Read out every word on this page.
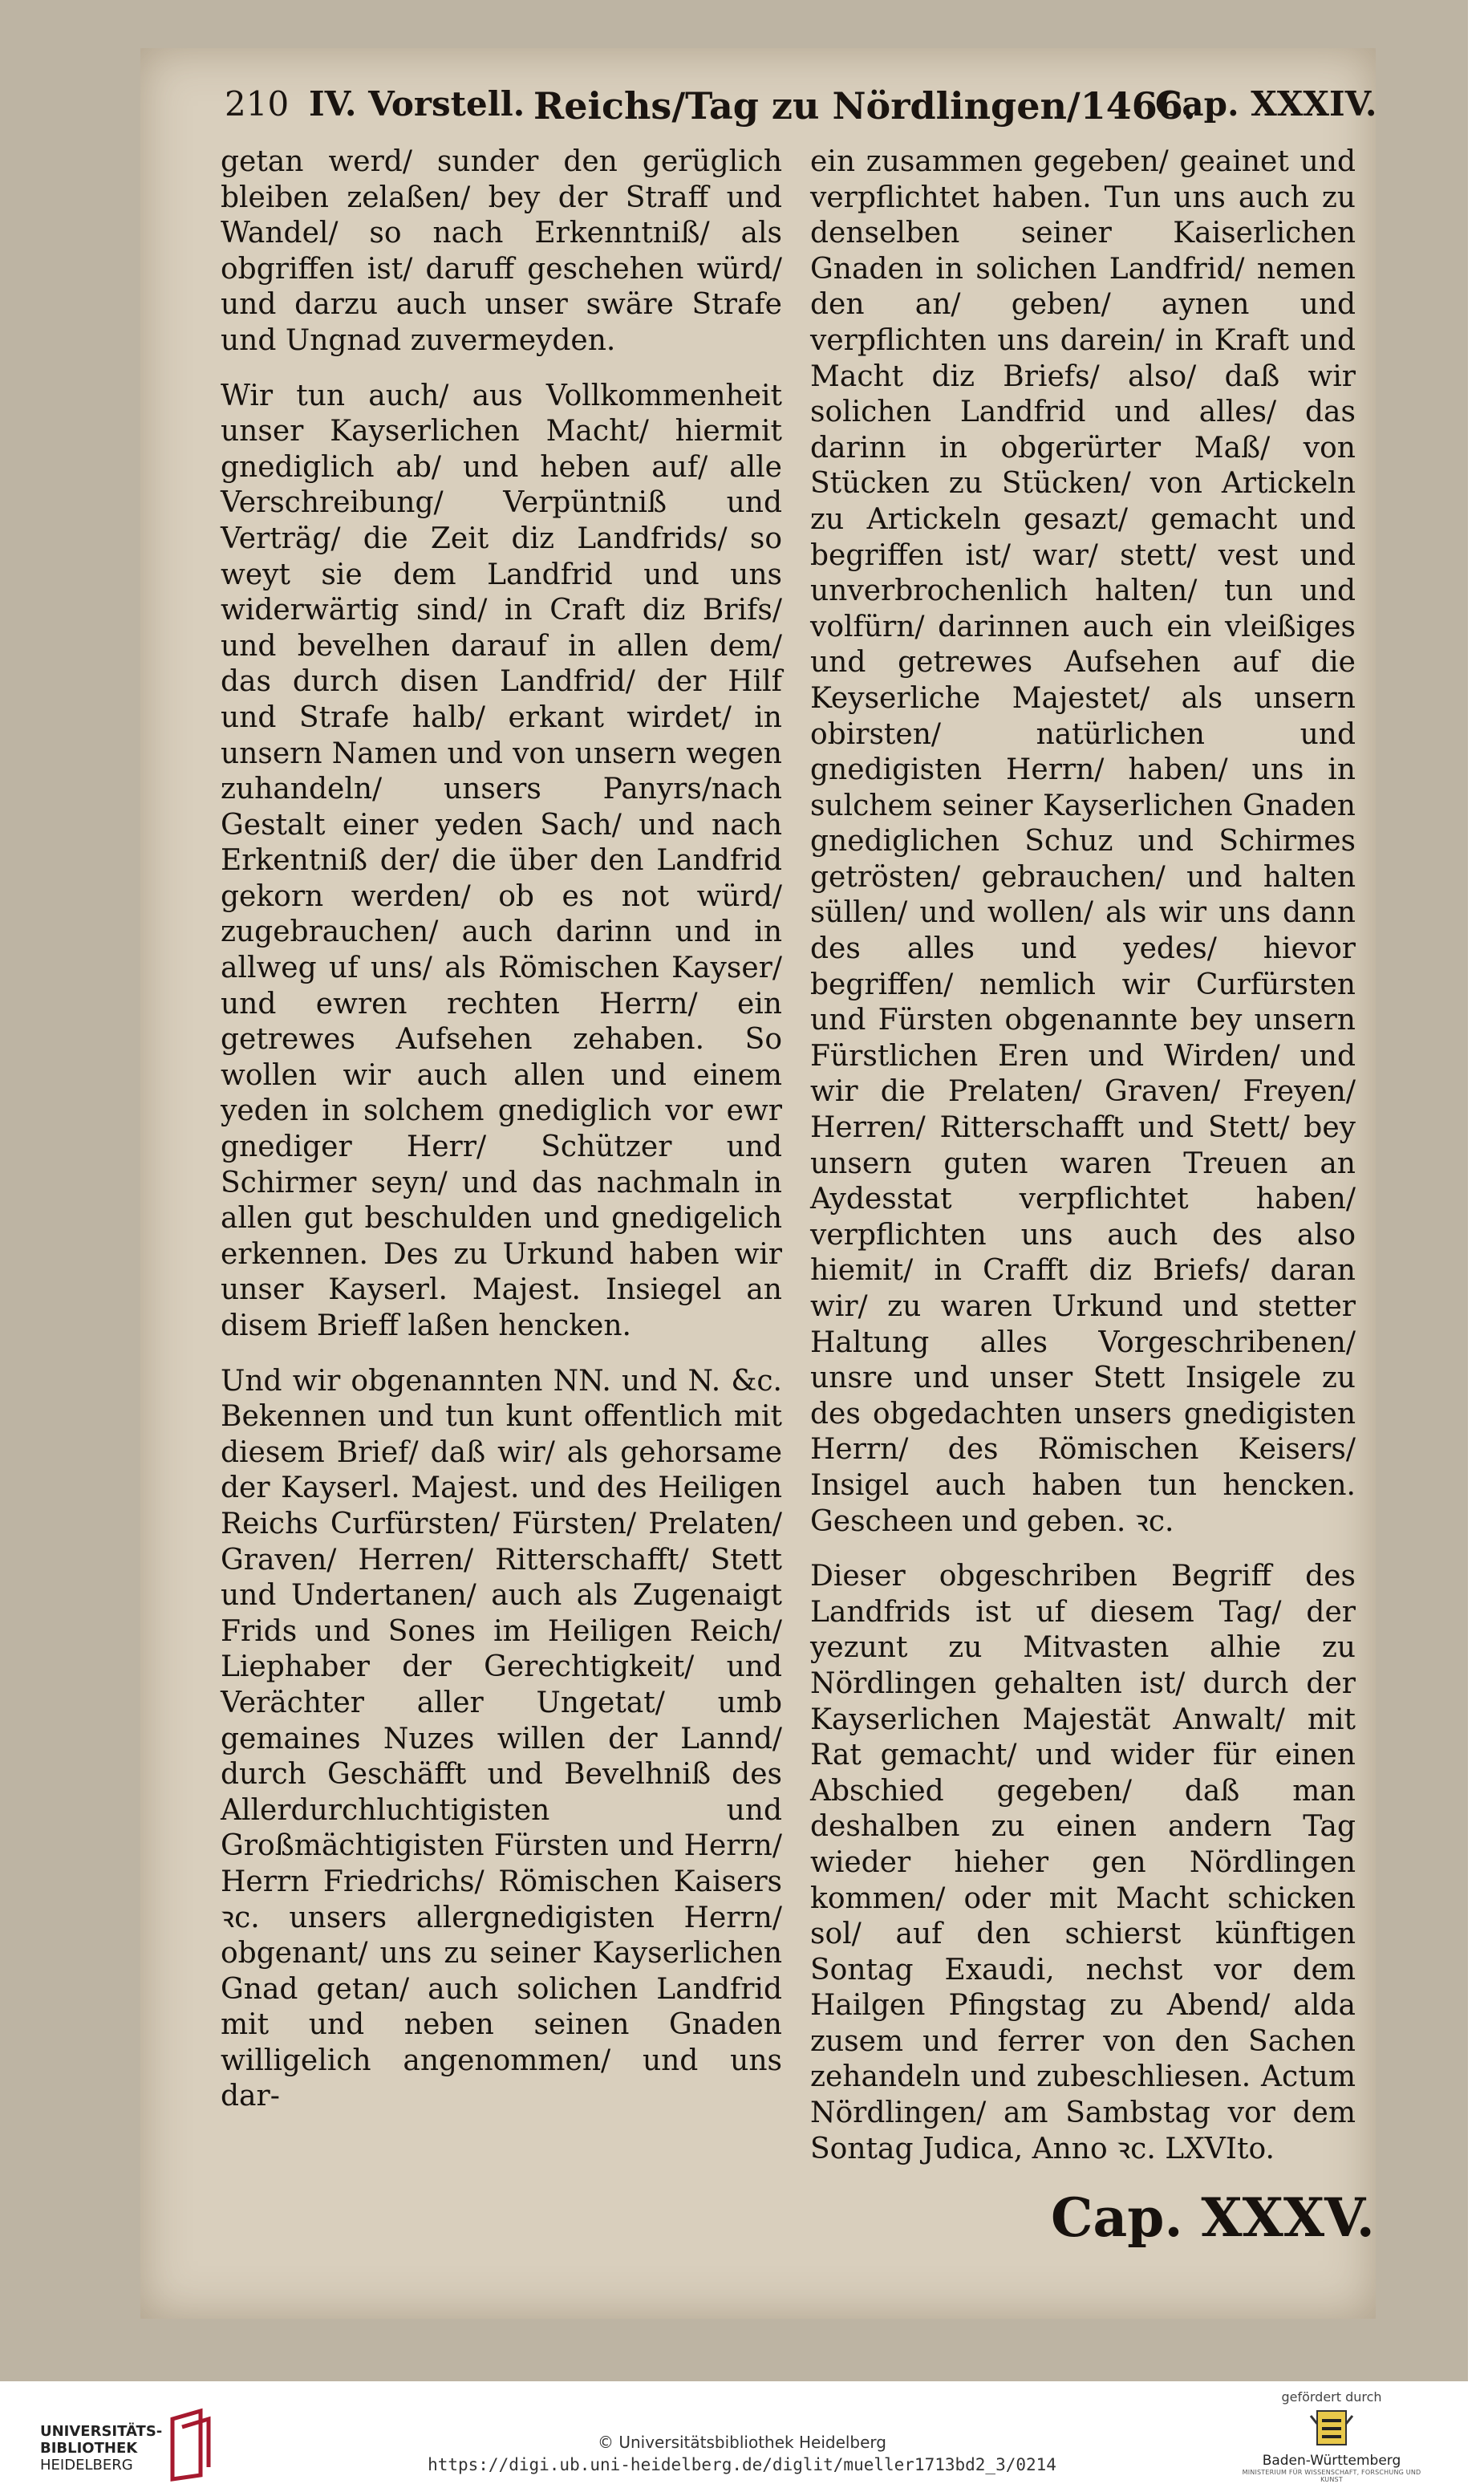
210 IV. Vorstell. Reichs/Tag zu Nördlingen/1466.
Cap. XXXIV.

getan werd/ sunder den gerüglich bleiben zelaßen/ bey der Straff und Wandel/ so nach Erkenntniß/ als obgriffen ist/ daruff geschehen würd/ und darzu auch unser swäre Strafe und Ungnad zuvermeyden.

Wir tun auch/ aus Vollkommenheit unser Kayserlichen Macht/ hiermit gnediglich ab/ und heben auf/ alle Verschreibung/ Verpüntniß und Verträg/ die Zeit diz Landfrids/ so weyt sie dem Landfrid und uns widerwärtig sind/ in Craft diz Brifs/ und bevelhen darauf in allen dem/ das durch disen Landfrid/ der Hilf und Strafe halb/ erkant wirdet/ in unsern Namen und von unsern wegen zuhandeln/ unsers Panyrs/nach Gestalt einer yeden Sach/ und nach Erkentniß der/ die über den Landfrid gekorn werden/ ob es not würd/ zugebrauchen/ auch darinn und in allweg uf uns/ als Römischen Kayser/ und ewren rechten Herrn/ ein getrewes Aufsehen zehaben. So wollen wir auch allen und einem yeden in solchem gnediglich vor ewr gnediger Herr/ Schützer und Schirmer seyn/ und das nachmaln in allen gut beschulden und gnedigelich erkennen. Des zu Urkund haben wir unser Kayserl. Majest. Insiegel an disem Brieff laßen hencken.

Und wir obgenannten NN. und N. &c. Bekennen und tun kunt offentlich mit diesem Brief/ daß wir/ als gehorsame der Kayserl. Majest. und des Heiligen Reichs Curfürsten/ Fürsten/ Prelaten/ Graven/ Herren/ Ritterschafft/ Stett und Undertanen/ auch als Zugenaigt Frids und Sones im Heiligen Reich/ Liephaber der Gerechtigkeit/ und Verächter aller Ungetat/ umb gemaines Nuzes willen der Lannd/ durch Geschäfft und Bevelhniß des Allerdurchluchtigisten und Großmächtigisten Fürsten und Herrn/ Herrn Friedrichs/ Römischen Kaisers ꝛc. unsers allergnedigisten Herrn/ obgenant/ uns zu seiner Kayserlichen Gnad getan/ auch solichen Landfrid mit und neben seinen Gnaden willigelich angenommen/ und uns dar-

ein zusammen gegeben/ geainet und verpflichtet haben. Tun uns auch zu denselben seiner Kaiserlichen Gnaden in solichen Landfrid/ nemen den an/ geben/ aynen und verpflichten uns darein/ in Kraft und Macht diz Briefs/ also/ daß wir solichen Landfrid und alles/ das darinn in obgerürter Maß/ von Stücken zu Stücken/ von Artickeln zu Artickeln gesazt/ gemacht und begriffen ist/ war/ stett/ vest und unverbrochenlich halten/ tun und volfürn/ darinnen auch ein vleißiges und getrewes Aufsehen auf die Keyserliche Majestet/ als unsern obirsten/ natürlichen und gnedigisten Herrn/ haben/ uns in sulchem seiner Kayserlichen Gnaden gnediglichen Schuz und Schirmes getrösten/ gebrauchen/ und halten süllen/ und wollen/ als wir uns dann des alles und yedes/ hievor begriffen/ nemlich wir Curfürsten und Fürsten obgenannte bey unsern Fürstlichen Eren und Wirden/ und wir die Prelaten/ Graven/ Freyen/ Herren/ Ritterschafft und Stett/ bey unsern guten waren Treuen an Aydesstat verpflichtet haben/ verpflichten uns auch des also hiemit/ in Crafft diz Briefs/ daran wir/ zu waren Urkund und stetter Haltung alles Vorgeschribenen/ unsre und unser Stett Insigele zu des obgedachten unsers gnedigisten Herrn/ des Römischen Keisers/ Insigel auch haben tun hencken. Gescheen und geben. ꝛc.

Dieser obgeschriben Begriff des Landfrids ist uf diesem Tag/ der yezunt zu Mitvasten alhie zu Nördlingen gehalten ist/ durch der Kayserlichen Majestät Anwalt/ mit Rat gemacht/ und wider für einen Abschied gegeben/ daß man deshalben zu einen andern Tag wieder hieher gen Nördlingen kommen/ oder mit Macht schicken sol/ auf den schierst künftigen Sontag Exaudi, nechst vor dem Hailgen Pfingstag zu Abend/ alda zusem und ferrer von den Sachen zehandeln und zubeschliesen. Actum Nördlingen/ am Sambstag vor dem Sontag Judica, Anno ꝛc. LXVIto.

Cap. XXXV.
UNIVERSITÄTS-
BIBLIOTHEK
HEIDELBERG
© Universitätsbibliothek Heidelberg
https://digi.ub.uni-heidelberg.de/diglit/mueller1713bd2_3/0214
gefördert durch
Baden-Württemberg
MINISTERIUM FÜR WISSENSCHAFT, FORSCHUNG UND KUNST
